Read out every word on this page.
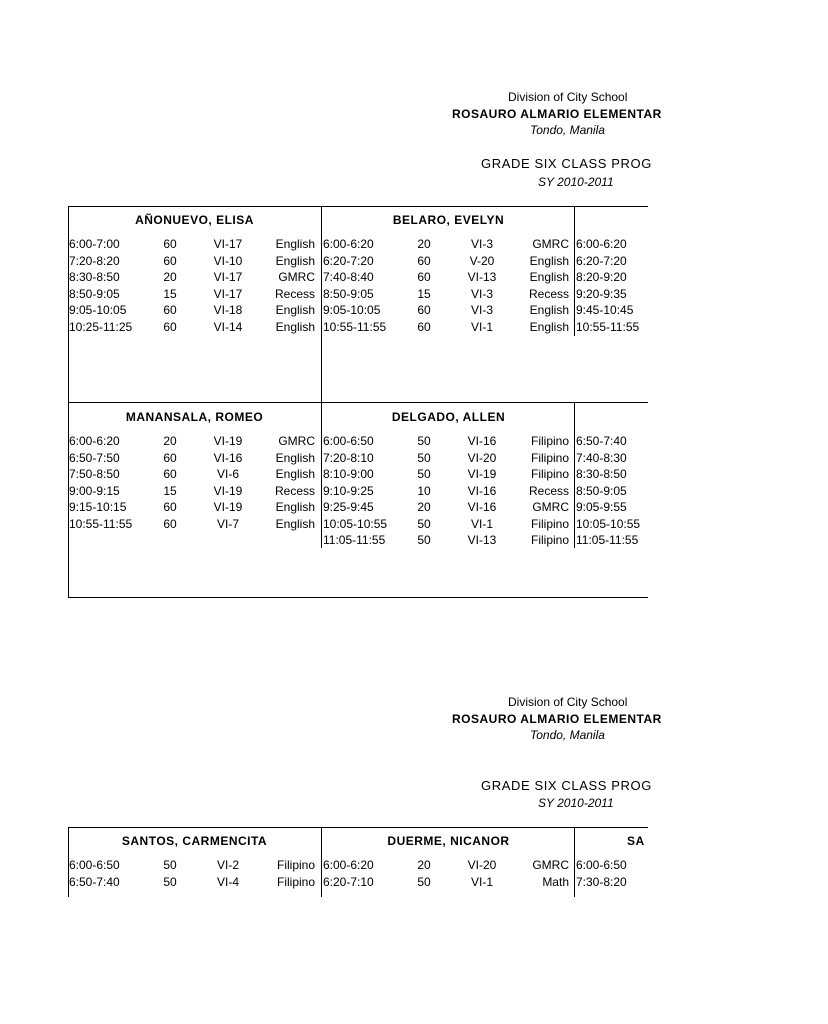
Division of City School
ROSAURO ALMARIO ELEMENTAR
Tondo, Manila
GRADE SIX CLASS PROG
SY 2010-2011
AÑONUEVO, ELISA
6:00-7:00	60	VI-17	English
7:20-8:20	60	VI-10	English
8:30-8:50	20	VI-17	GMRC
8:50-9:05	15	VI-17	Recess
9:05-10:05	60	VI-18	English
10:25-11:25	60	VI-14	English
BELARO, EVELYN
6:00-6:20	20	VI-3	GMRC
6:20-7:20	60	V-20	English
7:40-8:40	60	VI-13	English
8:50-9:05	15	VI-3	Recess
9:05-10:05	60	VI-3	English
10:55-11:55	60	VI-1	English
6:00-6:20
6:20-7:20
8:20-9:20
9:20-9:35
9:45-10:45
10:55-11:55
MANANSALA, ROMEO
6:00-6:20	20	VI-19	GMRC
6:50-7:50	60	VI-16	English
7:50-8:50	60	VI-6	English
9:00-9:15	15	VI-19	Recess
9:15-10:15	60	VI-19	English
10:55-11:55	60	VI-7	English
DELGADO, ALLEN
6:00-6:50	50	VI-16	Filipino
7:20-8:10	50	VI-20	Filipino
8:10-9:00	50	VI-19	Filipino
9:10-9:25	10	VI-16	Recess
9:25-9:45	20	VI-16	GMRC
10:05-10:55	50	VI-1	Filipino
11:05-11:55	50	VI-13	Filipino
6:50-7:40
7:40-8:30
8:30-8:50
8:50-9:05
9:05-9:55
10:05-10:55
11:05-11:55
Division of City School
ROSAURO ALMARIO ELEMENTAR
Tondo, Manila
GRADE SIX CLASS PROG
SY 2010-2011
SANTOS, CARMENCITA
6:00-6:50	50	VI-2	Filipino
6:50-7:40	50	VI-4	Filipino
DUERME, NICANOR
6:00-6:20	20	VI-20	GMRC
6:20-7:10	50	VI-1	Math
SA
6:00-6:50
7:30-8:20
